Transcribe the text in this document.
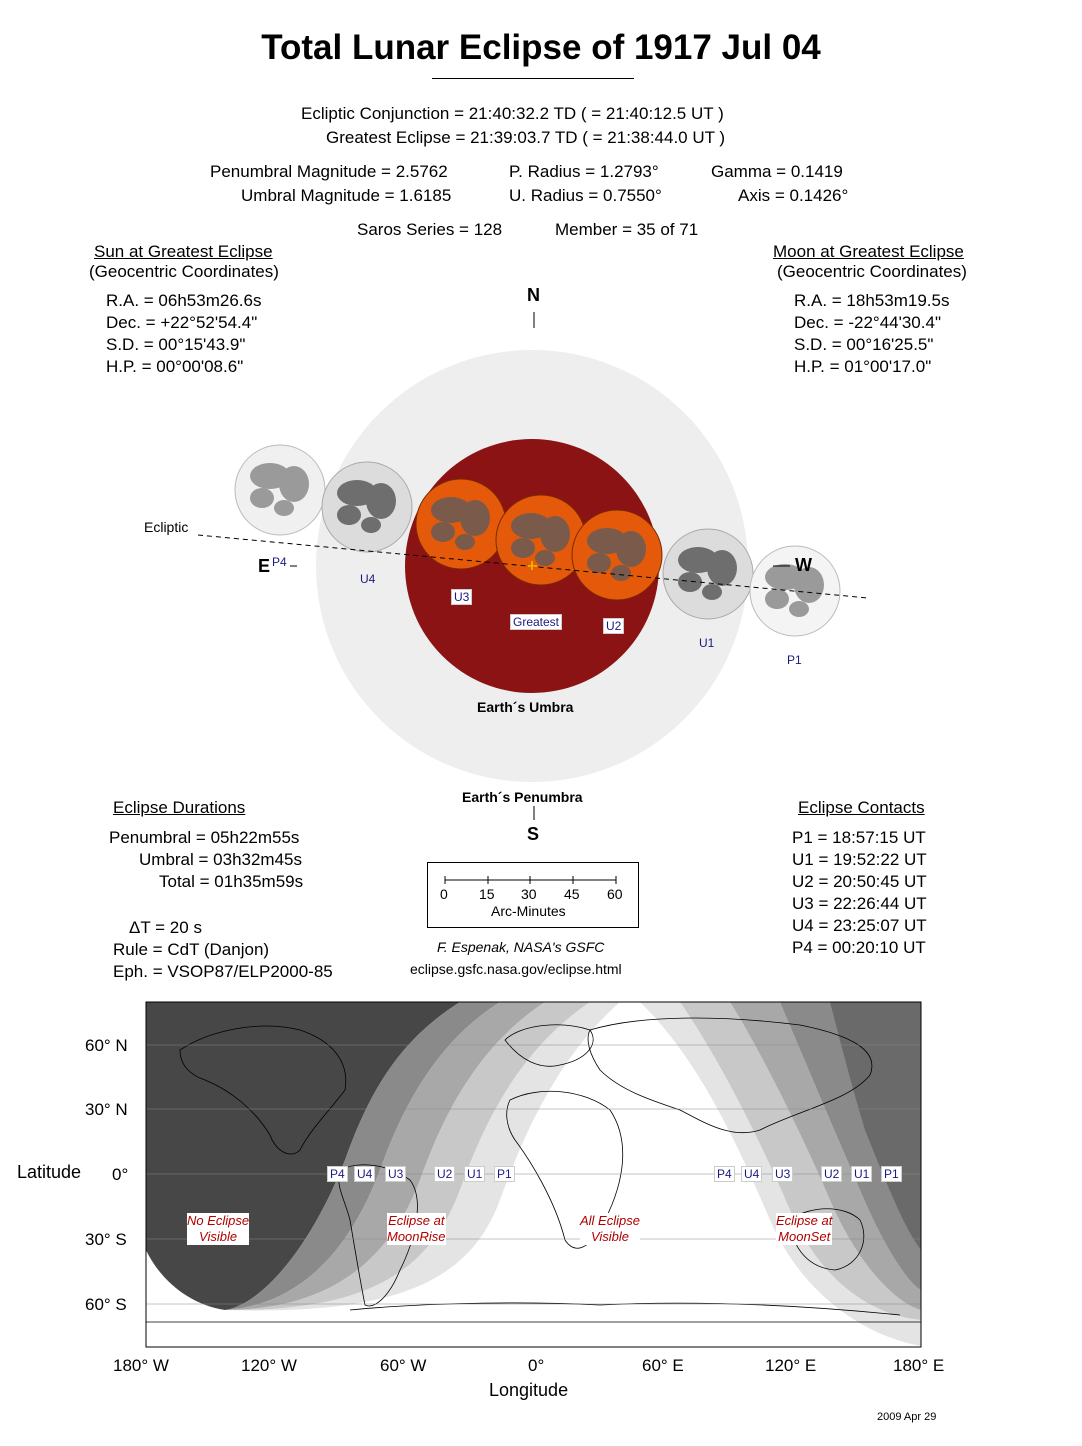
Total Lunar Eclipse of 1917 Jul 04
Ecliptic Conjunction = 21:40:32.2 TD ( = 21:40:12.5 UT )
Greatest Eclipse = 21:39:03.7 TD ( = 21:38:44.0 UT )
Penumbral Magnitude = 2.5762
Umbral Magnitude = 1.6185
P. Radius = 1.2793°
U. Radius = 0.7550°
Gamma = 0.1419
Axis = 0.1426°
Saros Series = 128	Member = 35 of 71
Sun at Greatest Eclipse
(Geocentric Coordinates)
R.A. = 06h53m26.6s
Dec. = +22°52'54.4"
S.D. = 00°15'43.9"
H.P. = 00°00'08.6"
Moon at Greatest Eclipse
(Geocentric Coordinates)
R.A. = 18h53m19.5s
Dec. = -22°44'30.4"
S.D. = 00°16'25.5"
H.P. = 01°00'17.0"
N
S
E	W
Ecliptic
Earth´s Umbra
Earth´s Penumbra
Greatest
P4
U4
U3
U2
U1
P1
Eclipse Durations
Penumbral = 05h22m55s
Umbral = 03h32m45s
Total = 01h35m59s
ΔT = 20 s
Rule = CdT (Danjon)
Eph. = VSOP87/ELP2000-85
0 15 30 45 60
Arc-Minutes
F. Espenak, NASA's GSFC
eclipse.gsfc.nasa.gov/eclipse.html
Eclipse Contacts
P1 = 18:57:15 UT
U1 = 19:52:22 UT
U2 = 20:50:45 UT
U3 = 22:26:44 UT
U4 = 23:25:07 UT
P4 = 00:20:10 UT
60° N
30° N
0°
30° S
60° S
Latitude
180° W	120° W	60° W	0°	60° E	120° E	180° E
Longitude
P4 U4 U3	U2 U1 P1	P4 U4 U3	U2 U1 P1
No Eclipse
Visible
Eclipse at
MoonRise
All Eclipse
Visible
Eclipse at
MoonSet
2009 Apr 29
